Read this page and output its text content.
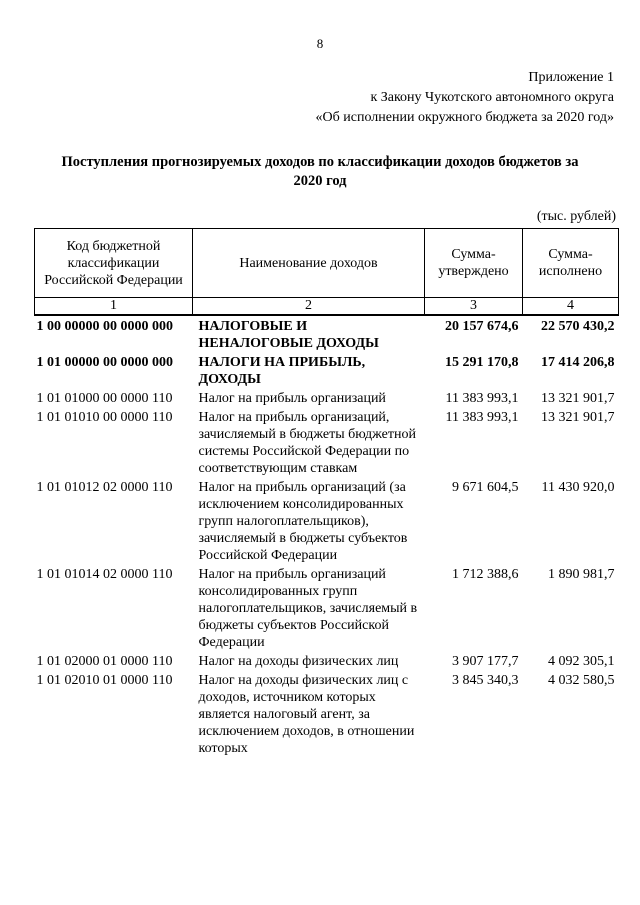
8
Приложение 1
к Закону Чукотского автономного округа
«Об исполнении окружного бюджета за 2020 год»
Поступления прогнозируемых доходов по классификации доходов бюджетов за
2020 год
(тыс. рублей)
Код бюджетной классификации Российской Федерации	Наименование доходов	Сумма-утверждено	Сумма-исполнено
1	2	3	4
1 00 00000 00 0000 000	НАЛОГОВЫЕ И НЕНАЛОГОВЫЕ ДОХОДЫ	20 157 674,6	22 570 430,2
1 01 00000 00 0000 000	НАЛОГИ НА ПРИБЫЛЬ, ДОХОДЫ	15 291 170,8	17 414 206,8
1 01 01000 00 0000 110	Налог на прибыль организаций	11 383 993,1	13 321 901,7
1 01 01010 00 0000 110	Налог на прибыль организаций, зачисляемый в бюджеты бюджетной системы Российской Федерации по соответствующим ставкам	11 383 993,1	13 321 901,7
1 01 01012 02 0000 110	Налог на прибыль организаций (за исключением консолидированных групп налогоплательщиков), зачисляемый в бюджеты субъектов Российской Федерации	9 671 604,5	11 430 920,0
1 01 01014 02 0000 110	Налог на прибыль организаций консолидированных групп налогоплательщиков, зачисляемый в бюджеты субъектов Российской Федерации	1 712 388,6	1 890 981,7
1 01 02000 01 0000 110	Налог на доходы физических лиц	3 907 177,7	4 092 305,1
1 01 02010 01 0000 110	Налог на доходы физических лиц с доходов, источником которых является налоговый агент, за исключением доходов, в отношении которых	3 845 340,3	4 032 580,5
